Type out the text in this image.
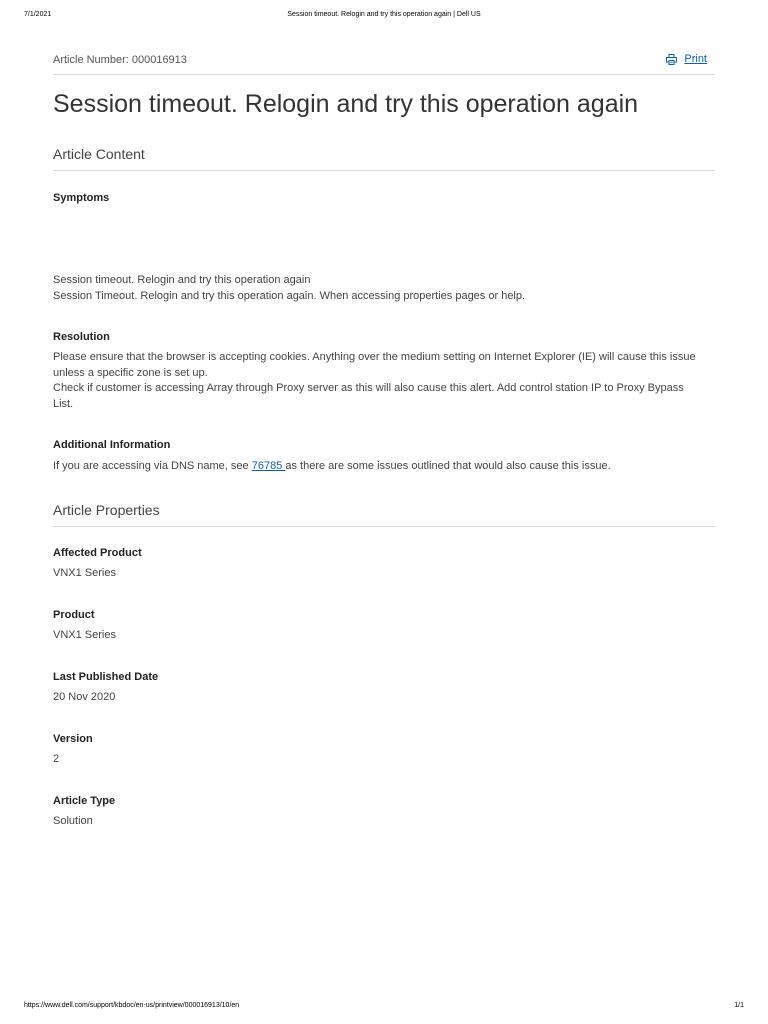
7/1/2021	Session timeout. Relogin and try this operation again | Dell US
Article Number: 000016913	Print
Session timeout. Relogin and try this operation again
Article Content

Symptoms

Session timeout. Relogin and try this operation again
Session Timeout. Relogin and try this operation again. When accessing properties pages or help.

Resolution

Please ensure that the browser is accepting cookies. Anything over the medium setting on Internet Explorer (IE) will cause this issue
unless a specific zone is set up.
Check if customer is accessing Array through Proxy server as this will also cause this alert. Add control station IP to Proxy Bypass
List.

Additional Information

If you are accessing via DNS name, see 76785 as there are some issues outlined that would also cause this issue.

Article Properties

Affected Product

VNX1 Series

Product

VNX1 Series

Last Published Date

20 Nov 2020

Version

2

Article Type

Solution

https://www.dell.com/support/kbdoc/en-us/printview/000016913/10/en	1/1
